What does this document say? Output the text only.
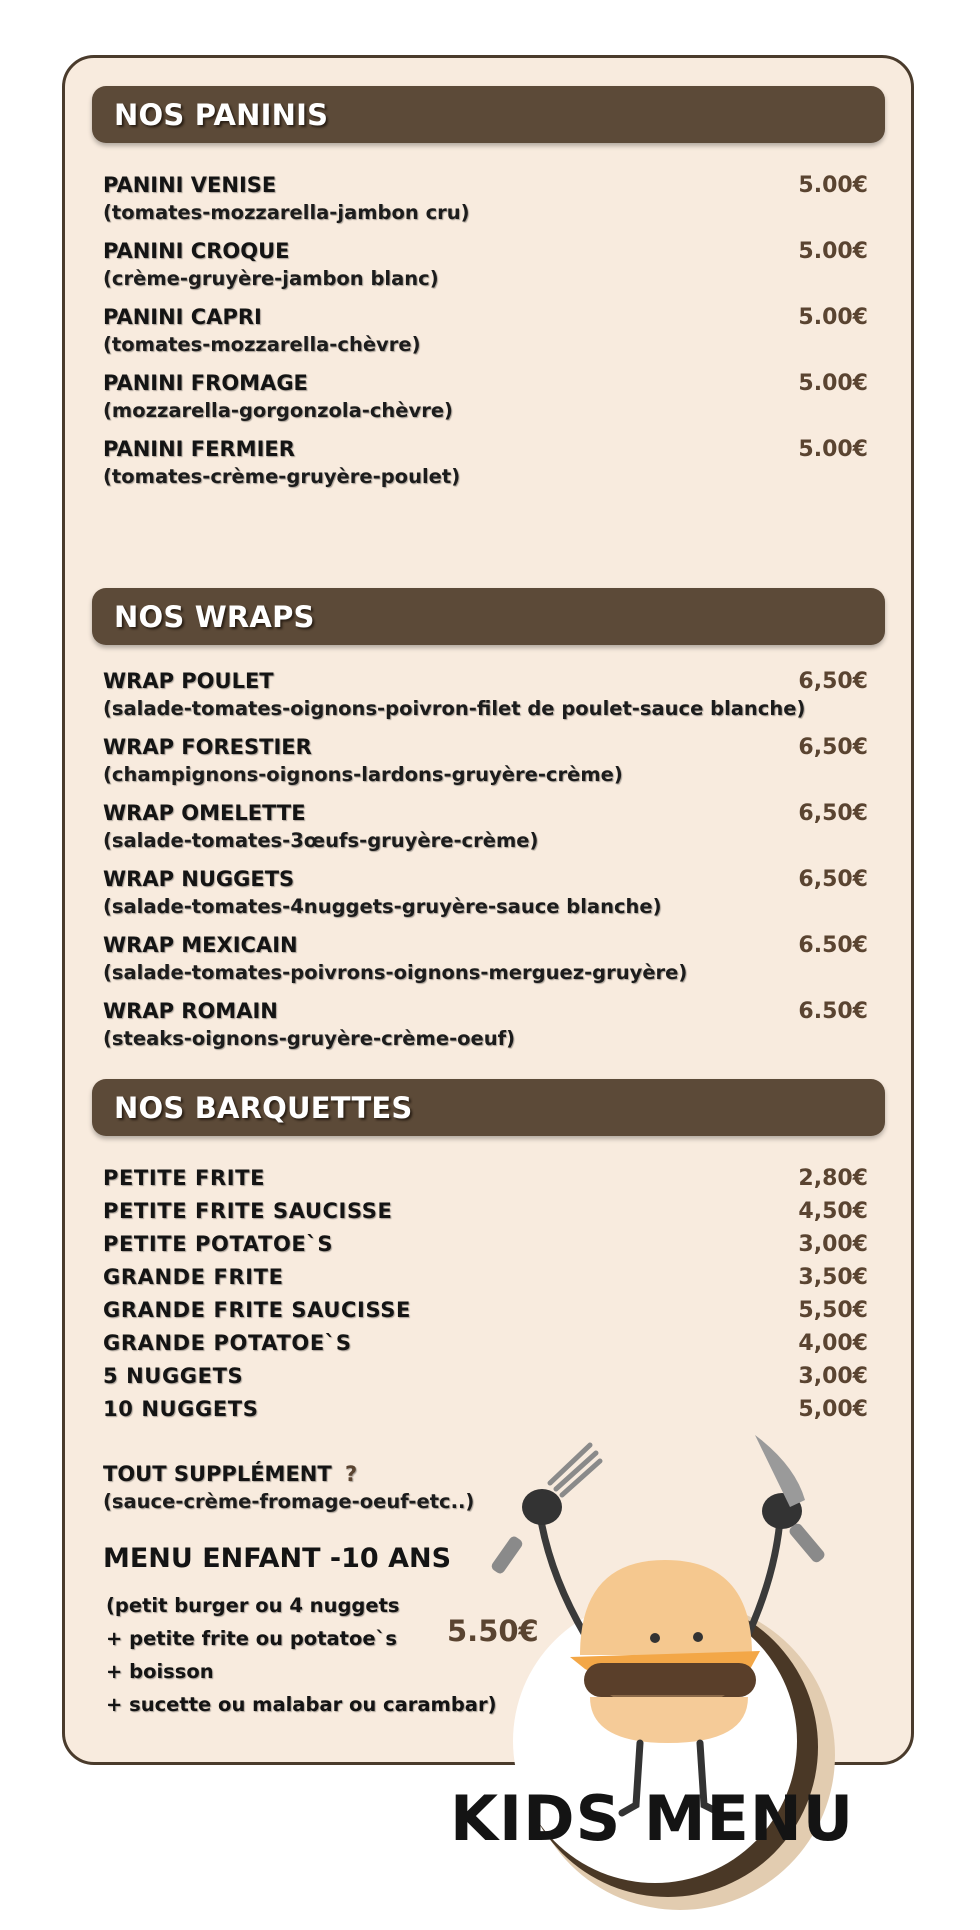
NOS PANINIS
PANINI VENISE
(tomates-mozzarella-jambon cru)
5.00€
PANINI CROQUE
(crème-gruyère-jambon blanc)
5.00€
PANINI CAPRI
(tomates-mozzarella-chèvre)
5.00€
PANINI FROMAGE
(mozzarella-gorgonzola-chèvre)
5.00€
PANINI FERMIER
(tomates-crème-gruyère-poulet)
5.00€
NOS WRAPS
WRAP POULET
(salade-tomates-oignons-poivron-filet de poulet-sauce blanche)
6,50€
WRAP FORESTIER
(champignons-oignons-lardons-gruyère-crème)
6,50€
WRAP OMELETTE
(salade-tomates-3œufs-gruyère-crème)
6,50€
WRAP NUGGETS
(salade-tomates-4nuggets-gruyère-sauce blanche)
6,50€
WRAP MEXICAIN
(salade-tomates-poivrons-oignons-merguez-gruyère)
6.50€
WRAP ROMAIN
(steaks-oignons-gruyère-crème-oeuf)
6.50€
NOS BARQUETTES
PETITE FRITE	2,80€
PETITE FRITE SAUCISSE	4,50€
PETITE POTATOE`S	3,00€
GRANDE FRITE	3,50€
GRANDE FRITE SAUCISSE	5,50€
GRANDE POTATOE`S	4,00€
5 NUGGETS	3,00€
10 NUGGETS	5,00€
TOUT SUPPLÉMENT ?
(sauce-crème-fromage-oeuf-etc..)
MENU ENFANT -10 ANS
(petit burger ou 4 nuggets
+ petite frite ou potatoe`s
+ boisson
+ sucette ou malabar ou carambar)
5.50€
KIDS MENU
